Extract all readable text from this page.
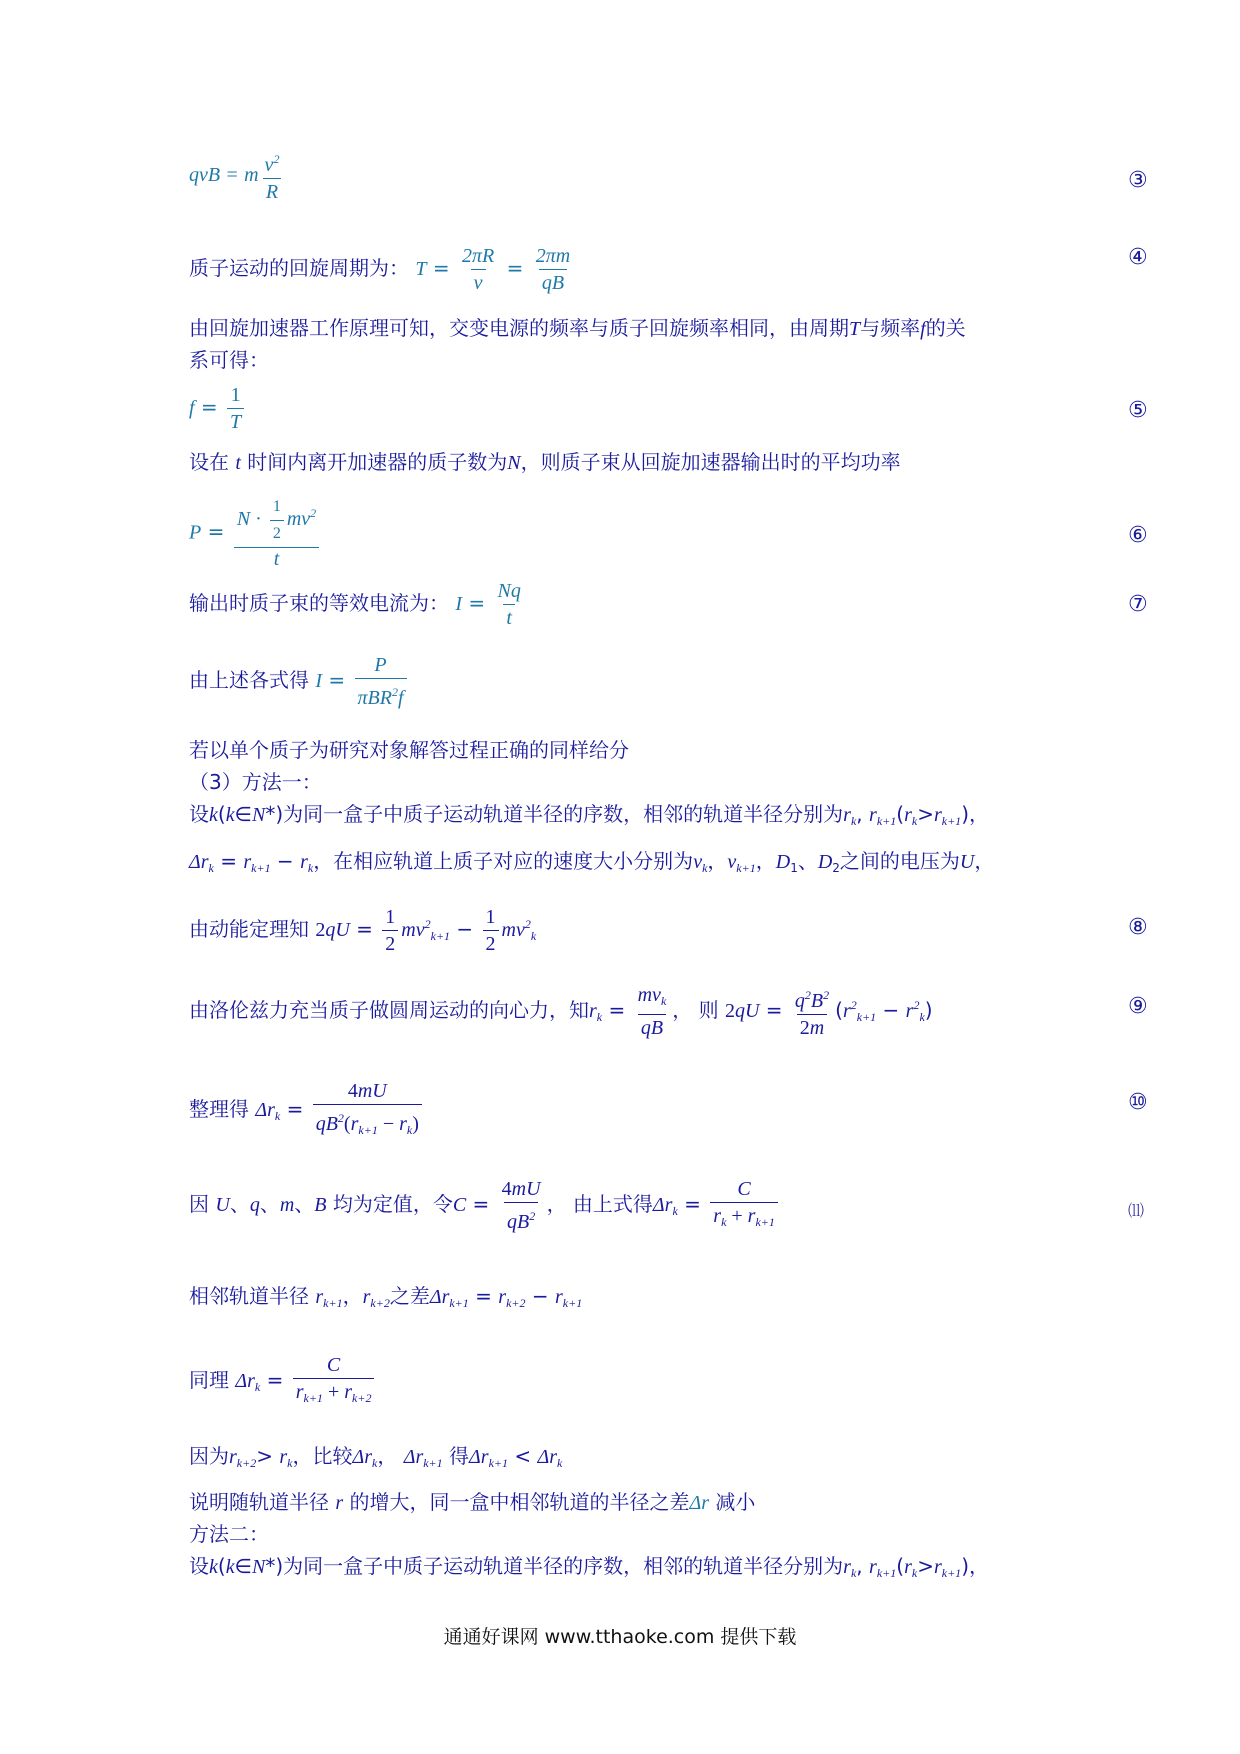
qvB = m $\frac{v^2}{R}$	③
质子运动的回旋周期为： $T = \frac{2\pi R}{v} = \frac{2\pi m}{qB}$	④
由回旋加速器工作原理可知，交变电源的频率与质子回旋频率相同，由周期T与频率f的关
系可得：
$f = \frac{1}{T}$	⑤
设在 t 时间内离开加速器的质子数为N，则质子束从回旋加速器输出时的平均功率
$P = \frac{N \cdot \frac{1}{2} mv^2}{t}$	⑥
输出时质子束的等效电流为： $I = \frac{Nq}{t}$	⑦
由上述各式得 $I = \frac{P}{\pi BR^2f}$
若以单个质子为研究对象解答过程正确的同样给分
（3）方法一：
设k(k∈N*)为同一盒子中质子运动轨道半径的序数，相邻的轨道半径分别为$r_k$, $r_{k+1}(r_k>r_{k+1})$，
$\Delta r_k = r_{k+1} - r_k$，在相应轨道上质子对应的速度大小分别为$v_k$，$v_{k+1}$，$D_1$、$D_2$之间的电压为U，
由动能定理知 $2qU = \frac{1}{2} mv^2_{k+1} - \frac{1}{2} mv^2_k$	⑧
由洛伦兹力充当质子做圆周运动的向心力，知$r_k = \frac{mv_k}{qB}$ ， 则 $2qU = \frac{q^2B^2}{2m} (r^2_{k+1} - r^2_k)$	⑨
整理得 $\Delta r_k = \frac{4mU}{qB^2(r_{k+1} - r_k)}$	⑩
因 U、q、m、B 均为定值，令$C = \frac{4mU}{qB^2}$ ， 由上式得$\Delta r_k = \frac{C}{r_k + r_{k+1}}$	⑾
相邻轨道半径 $r_{k+1}$，$r_{k+2}$之差$\Delta r_{k+1} = r_{k+2} - r_{k+1}$
同理 $\Delta r_k = \frac{C}{r_{k+1} + r_{k+2}}$
因为$r_{k+2}> r_k$，比较$\Delta r_k$， $\Delta r_{k+1}$ 得$\Delta r_{k+1} < \Delta r_k$
说明随轨道半径 r 的增大，同一盒中相邻轨道的半径之差Δr 减小
方法二：
设k(k∈N*)为同一盒子中质子运动轨道半径的序数，相邻的轨道半径分别为$r_k$, $r_{k+1}(r_k>r_{k+1})$，
通通好课网 www.tthaoke.com 提供下载
